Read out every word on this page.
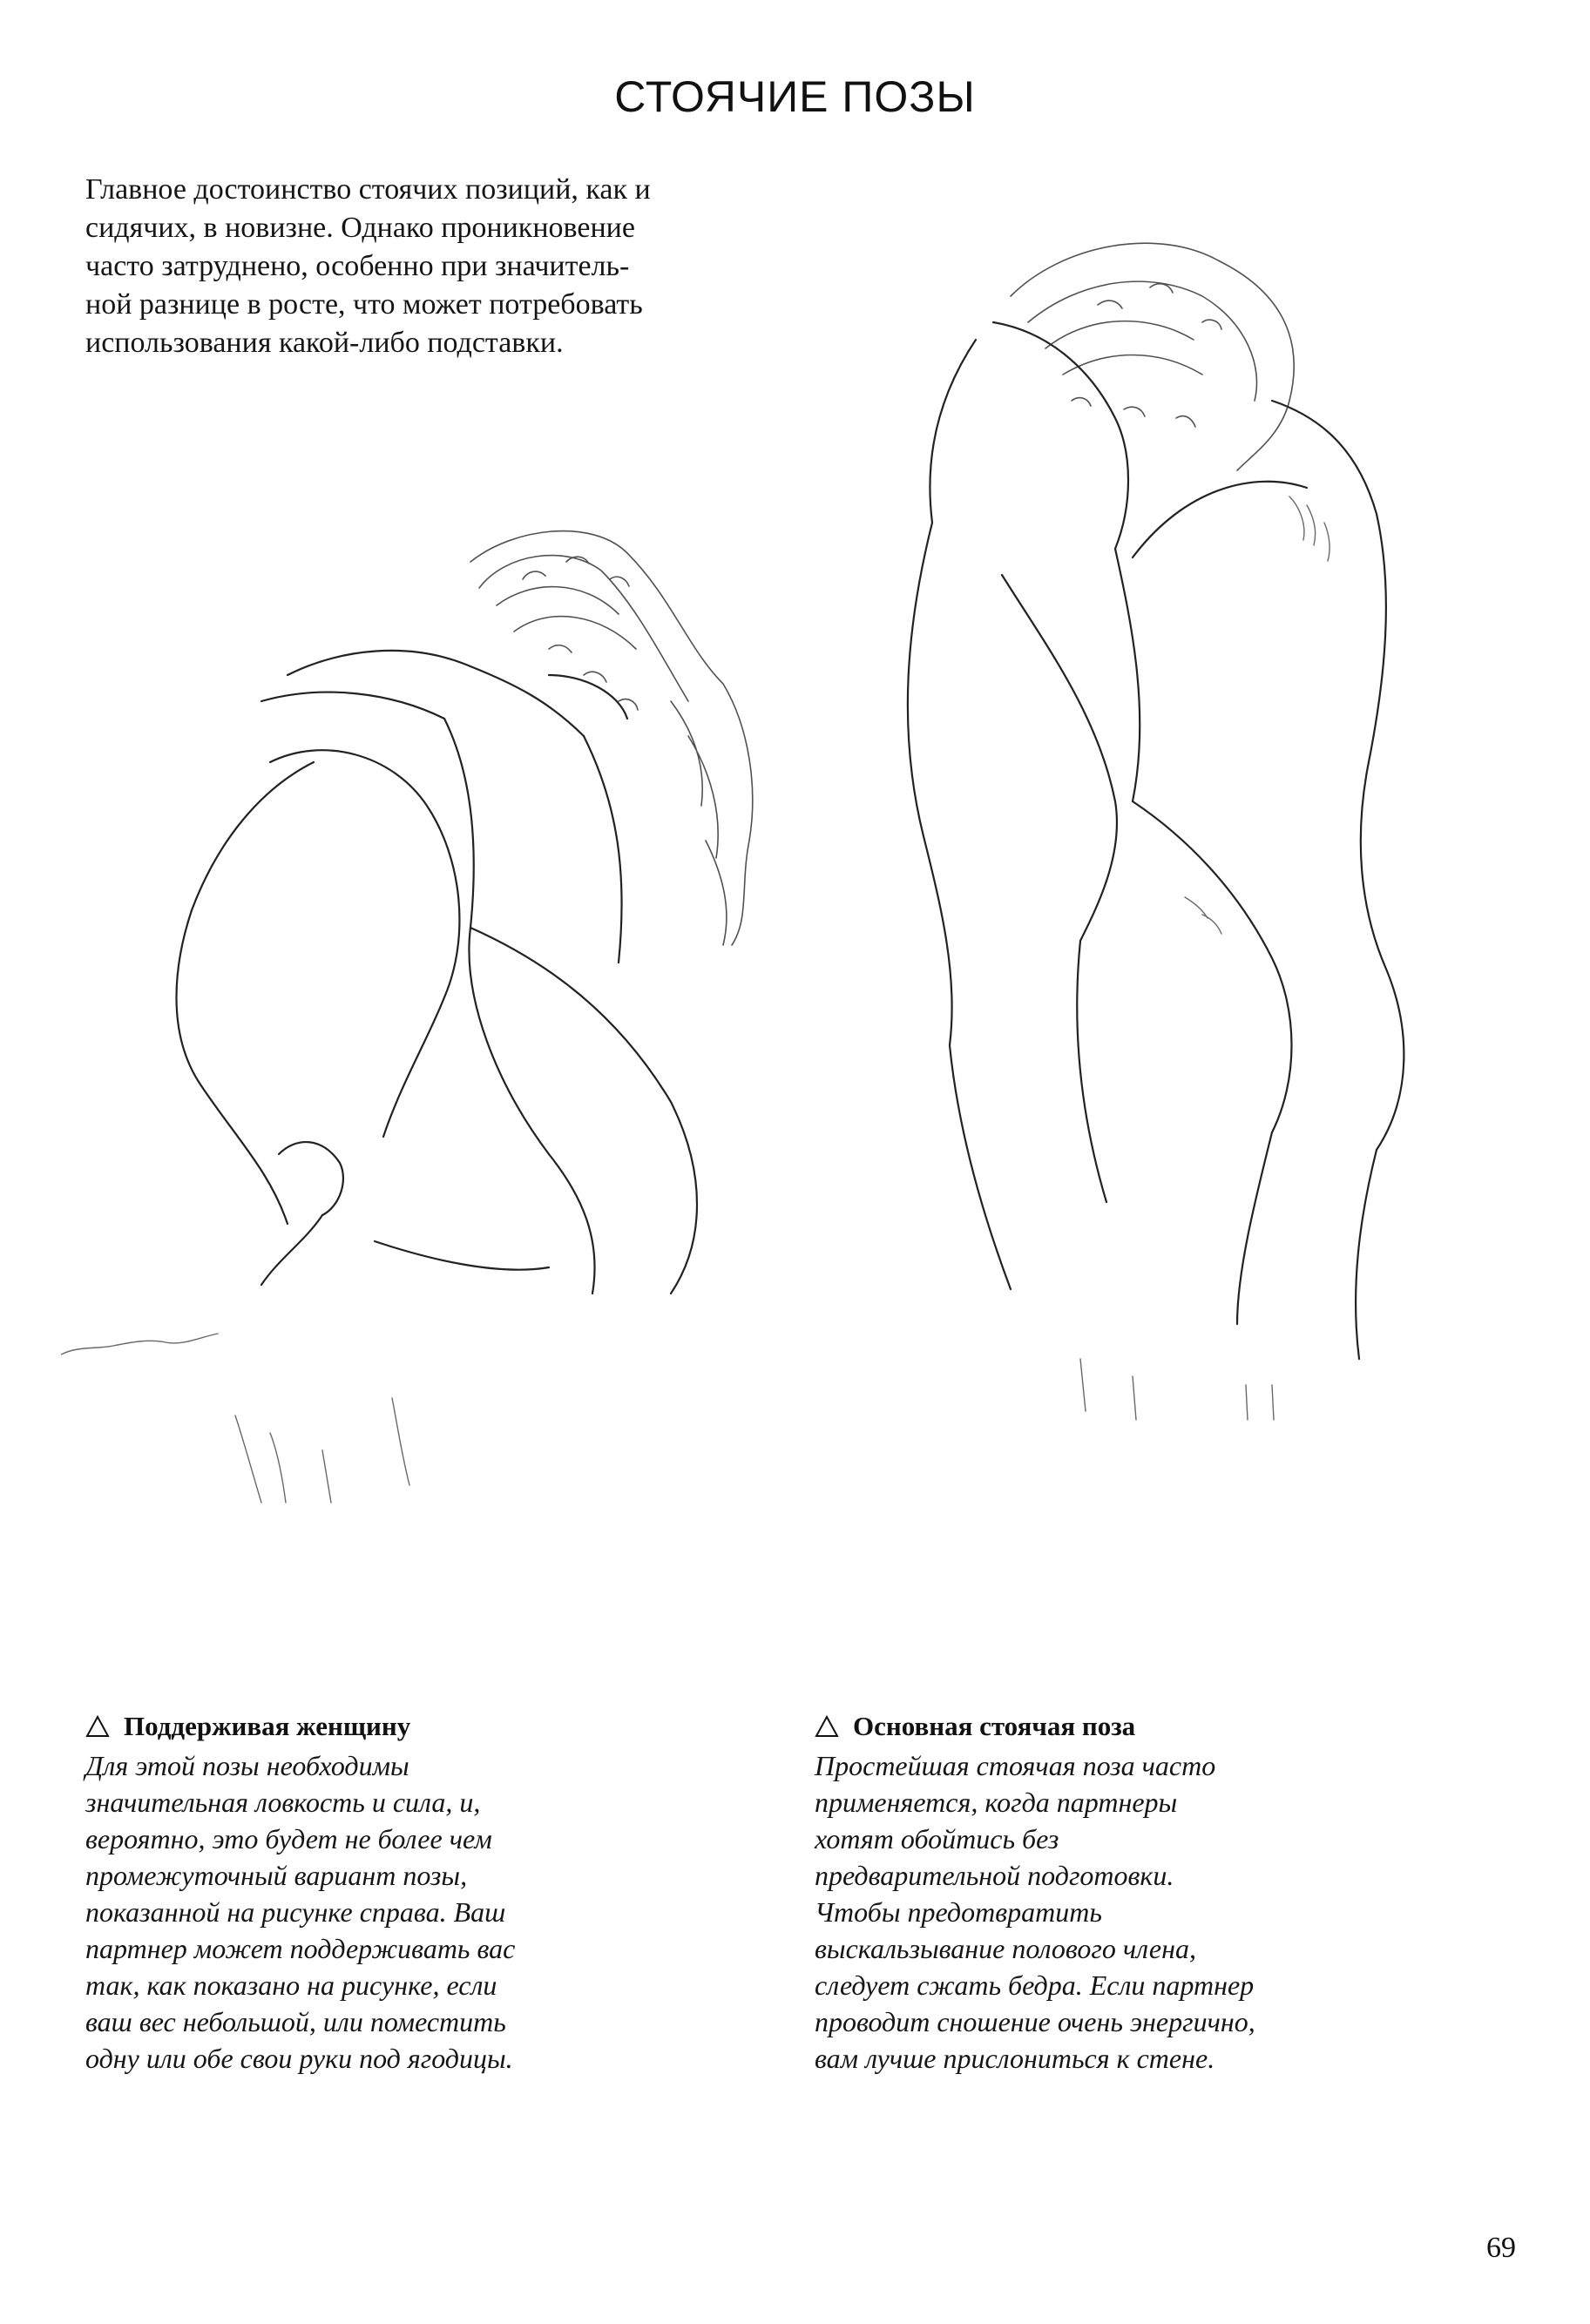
СТОЯЧИЕ ПОЗЫ
Главное достоинство стоячих позиций, как и
сидячих, в новизне. Однако проникновение
часто затруднено, особенно при значитель-
ной разнице в росте, что может потребовать
использования какой-либо подставки.
Поддерживая женщину
Для этой позы необходимы
значительная ловкость и сила, и,
вероятно, это будет не более чем
промежуточный вариант позы,
показанной на рисунке справа. Ваш
партнер может поддерживать вас
так, как показано на рисунке, если
ваш вес небольшой, или поместить
одну или обе свои руки под ягодицы.
Основная стоячая поза
Простейшая стоячая поза часто
применяется, когда партнеры
хотят обойтись без
предварительной подготовки.
Чтобы предотвратить
выскальзывание полового члена,
следует сжать бедра. Если партнер
проводит сношение очень энергично,
вам лучше прислониться к стене.
69
